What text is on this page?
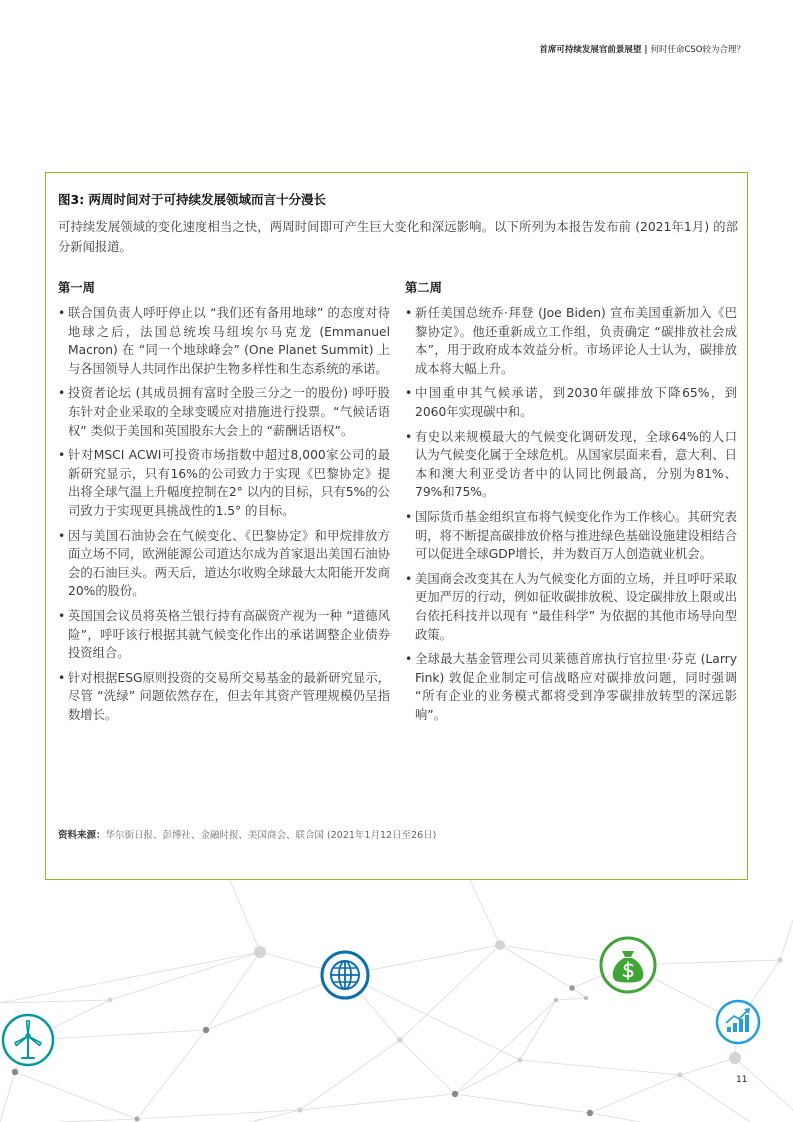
首席可持续发展官前景展望 | 何时任命CSO较为合理？
图3: 两周时间对于可持续发展领域而言十分漫长
可持续发展领域的变化速度相当之快，两周时间即可产生巨大变化和深远影响。以下所列为本报告发布前 (2021年1月) 的部分新闻报道。
第一周	第二周
• 联合国负责人呼吁停止以 “我们还有备用地球” 的态度对待地球之后，法国总统埃马纽埃尔马克龙 (Emmanuel Macron) 在 “同一个地球峰会” (One Planet Summit) 上与各国领导人共同作出保护生物多样性和生态系统的承诺。
• 投资者论坛 (其成员拥有富时全股三分之一的股份) 呼吁股东针对企业采取的全球变暖应对措施进行投票。“气候话语权” 类似于美国和英国股东大会上的 “薪酬话语权”。
• 针对MSCI ACWI可投资市场指数中超过8,000家公司的最新研究显示，只有16%的公司致力于实现《巴黎协定》提出将全球气温上升幅度控制在2° 以内的目标，只有5%的公司致力于实现更具挑战性的1.5° 的目标。
• 因与美国石油协会在气候变化、《巴黎协定》和甲烷排放方面立场不同，欧洲能源公司道达尔成为首家退出美国石油协会的石油巨头。两天后，道达尔收购全球最大太阳能开发商20%的股份。
• 英国国会议员将英格兰银行持有高碳资产视为一种 “道德风险”，呼吁该行根据其就气候变化作出的承诺调整企业债券投资组合。
• 针对根据ESG原则投资的交易所交易基金的最新研究显示，尽管 “洗绿” 问题依然存在，但去年其资产管理规模仍呈指数增长。
• 新任美国总统乔·拜登 (Joe Biden) 宣布美国重新加入《巴黎协定》。他还重新成立工作组，负责确定 “碳排放社会成本”，用于政府成本效益分析。市场评论人士认为，碳排放成本将大幅上升。
• 中国重申其气候承诺，到2030年碳排放下降65%，到2060年实现碳中和。
• 有史以来规模最大的气候变化调研发现，全球64%的人口认为气候变化属于全球危机。从国家层面来看，意大利、日本和澳大利亚受访者中的认同比例最高，分别为81%、79%和75%。
• 国际货币基金组织宣布将气候变化作为工作核心。其研究表明，将不断提高碳排放价格与推进绿色基础设施建设相结合可以促进全球GDP增长，并为数百万人创造就业机会。
• 美国商会改变其在人为气候变化方面的立场，并且呼吁采取更加严厉的行动，例如征收碳排放税、设定碳排放上限或出台依托科技并以现有 “最佳科学” 为依据的其他市场导向型政策。
• 全球最大基金管理公司贝莱德首席执行官拉里·芬克 (Larry Fink) 敦促企业制定可信战略应对碳排放问题，同时强调 “所有企业的业务模式都将受到净零碳排放转型的深远影响”。
资料来源：华尔街日报、彭博社、金融时报、美国商会、联合国 (2021年1月12日至26日)
11
